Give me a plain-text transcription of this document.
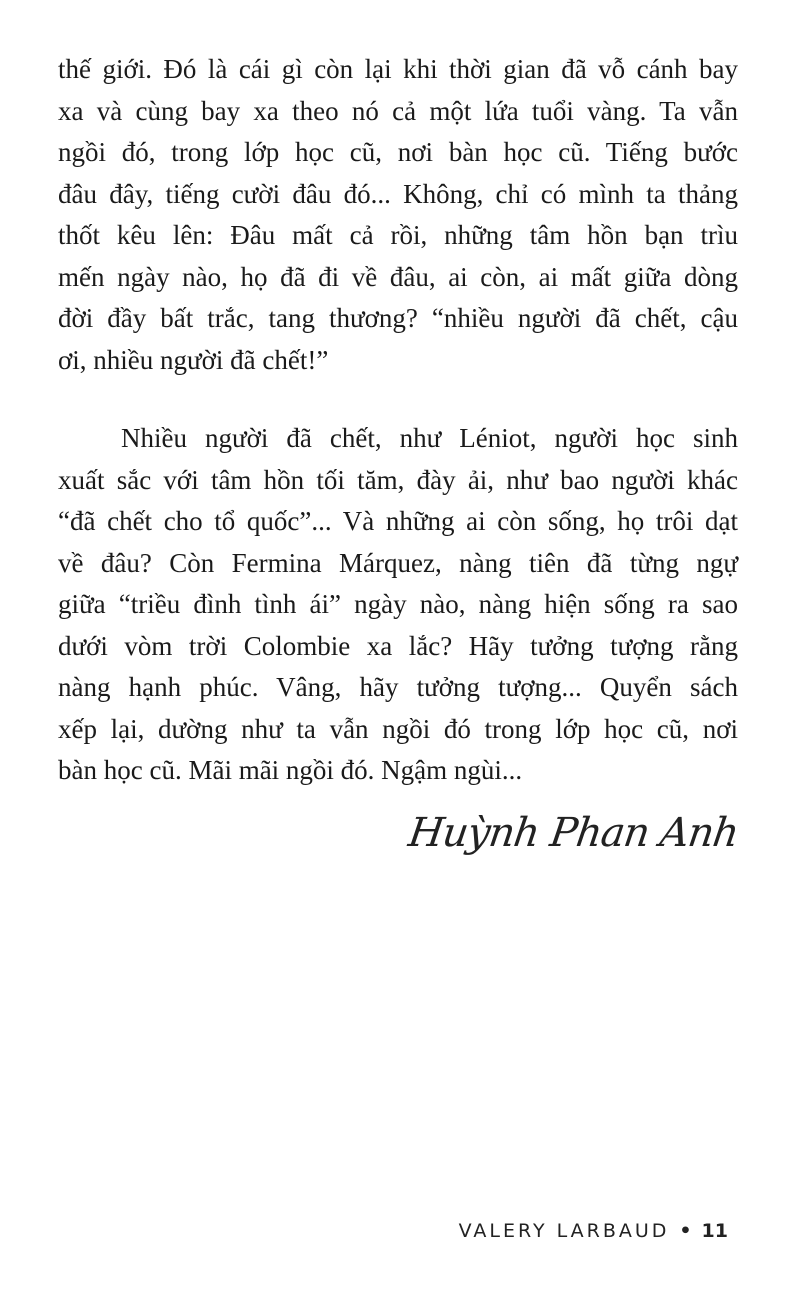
thế giới. Đó là cái gì còn lại khi thời gian đã vỗ cánh bay
xa và cùng bay xa theo nó cả một lứa tuổi vàng. Ta vẫn
ngồi đó, trong lớp học cũ, nơi bàn học cũ. Tiếng bước
đâu đây, tiếng cười đâu đó... Không, chỉ có mình ta thảng
thốt kêu lên: Đâu mất cả rồi, những tâm hồn bạn trìu
mến ngày nào, họ đã đi về đâu, ai còn, ai mất giữa dòng
đời đầy bất trắc, tang thương? “nhiều người đã chết, cậu
ơi, nhiều người đã chết!”
Nhiều người đã chết, như Léniot, người học sinh
xuất sắc với tâm hồn tối tăm, đày ải, như bao người khác
“đã chết cho tổ quốc”... Và những ai còn sống, họ trôi dạt
về đâu? Còn Fermina Márquez, nàng tiên đã từng ngự
giữa “triều đình tình ái” ngày nào, nàng hiện sống ra sao
dưới vòm trời Colombie xa lắc? Hãy tưởng tượng rằng
nàng hạnh phúc. Vâng, hãy tưởng tượng... Quyển sách
xếp lại, dường như ta vẫn ngồi đó trong lớp học cũ, nơi
bàn học cũ. Mãi mãi ngồi đó. Ngậm ngùi...
Huỳnh Phan Anh
VALERY LARBAUD • 11
